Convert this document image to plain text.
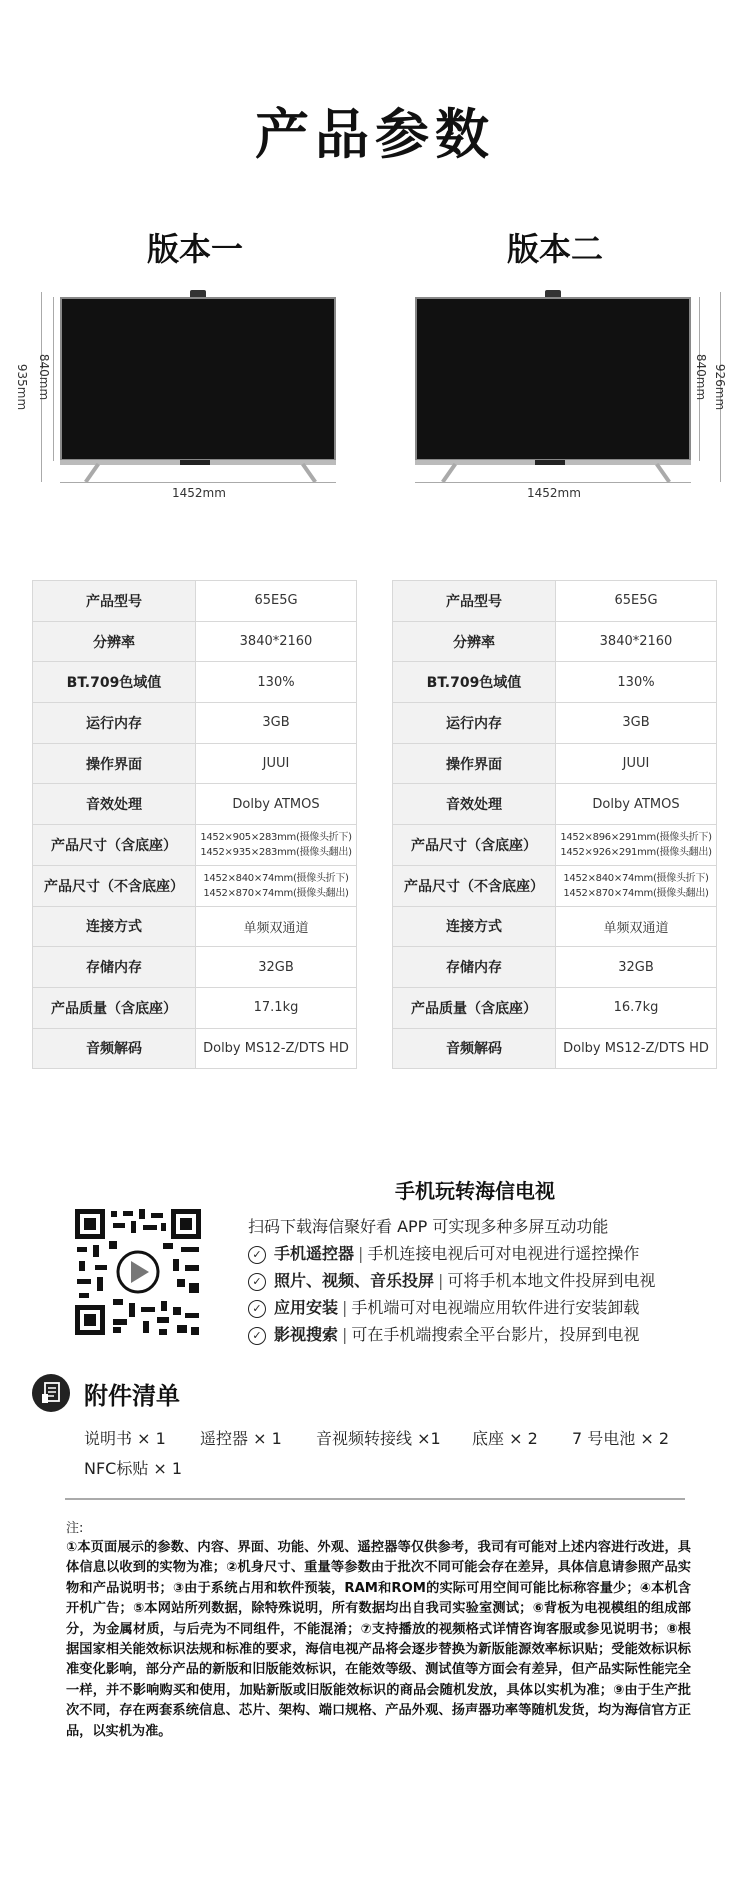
产品参数
版本一	版本二
935mm 840mm
1452mm
840mm 926mm
1452mm
产品型号	65E5G
分辨率	3840*2160
BT.709色域值	130%
运行内存	3GB
操作界面	JUUI
音效处理	Dolby ATMOS
产品尺寸（含底座）	1452×905×283mm(摄像头折下)
1452×935×283mm(摄像头翻出)

产品尺寸（不含底座）	1452×840×74mm(摄像头折下)
1452×870×74mm(摄像头翻出)

连接方式	单频双通道
存储内存	32GB
产品质量（含底座）	17.1kg
音频解码	Dolby MS12-Z/DTS HD
产品型号	65E5G
分辨率	3840*2160
BT.709色域值	130%
运行内存	3GB
操作界面	JUUI
音效处理	Dolby ATMOS
产品尺寸（含底座）	1452×896×291mm(摄像头折下)
1452×926×291mm(摄像头翻出)

产品尺寸（不含底座）	1452×840×74mm(摄像头折下)
1452×870×74mm(摄像头翻出)

连接方式	单频双通道
存储内存	32GB
产品质量（含底座）	16.7kg
音频解码	Dolby MS12-Z/DTS HD
手机玩转海信电视
扫码下载海信聚好看 APP 可实现多种多屏互动功能
✓ 手机遥控器 | 手机连接电视后可对电视进行遥控操作
✓ 照片、视频、音乐投屏 | 可将手机本地文件投屏到电视
✓ 应用安装 | 手机端可对电视端应用软件进行安装卸载
✓ 影视搜索 | 可在手机端搜索全平台影片，投屏到电视
附件清单
说明书 × 1 遥控器 × 1 音视频转接线 ×1 底座 × 2 7 号电池 × 2
NFC标贴 × 1
注:
①本页面展示的参数、内容、界面、功能、外观、遥控器等仅供参考，我司有可能对上述内容进行改进，具体信息以收到的实物为准；②机身尺寸、重量等参数由于批次不同可能会存在差异，具体信息请参照产品实物和产品说明书；③由于系统占用和软件预装，RAM和ROM的实际可用空间可能比标称容量少；④本机含开机广告；⑤本网站所列数据，除特殊说明，所有数据均出自我司实验室测试；⑥背板为电视模组的组成部分，为金属材质，与后壳为不同组件，不能混淆；⑦支持播放的视频格式详情咨询客服或参见说明书；⑧根据国家相关能效标识法规和标准的要求，海信电视产品将会逐步替换为新版能源效率标识贴；受能效标识标准变化影响，部分产品的新版和旧版能效标识，在能效等级、测试值等方面会有差异，但产品实际性能完全一样，并不影响购买和使用，加贴新版或旧版能效标识的商品会随机发放，具体以实机为准；⑨由于生产批次不同，存在两套系统信息、芯片、架构、端口规格、产品外观、扬声器功率等随机发货，均为海信官方正品，以实机为准。
